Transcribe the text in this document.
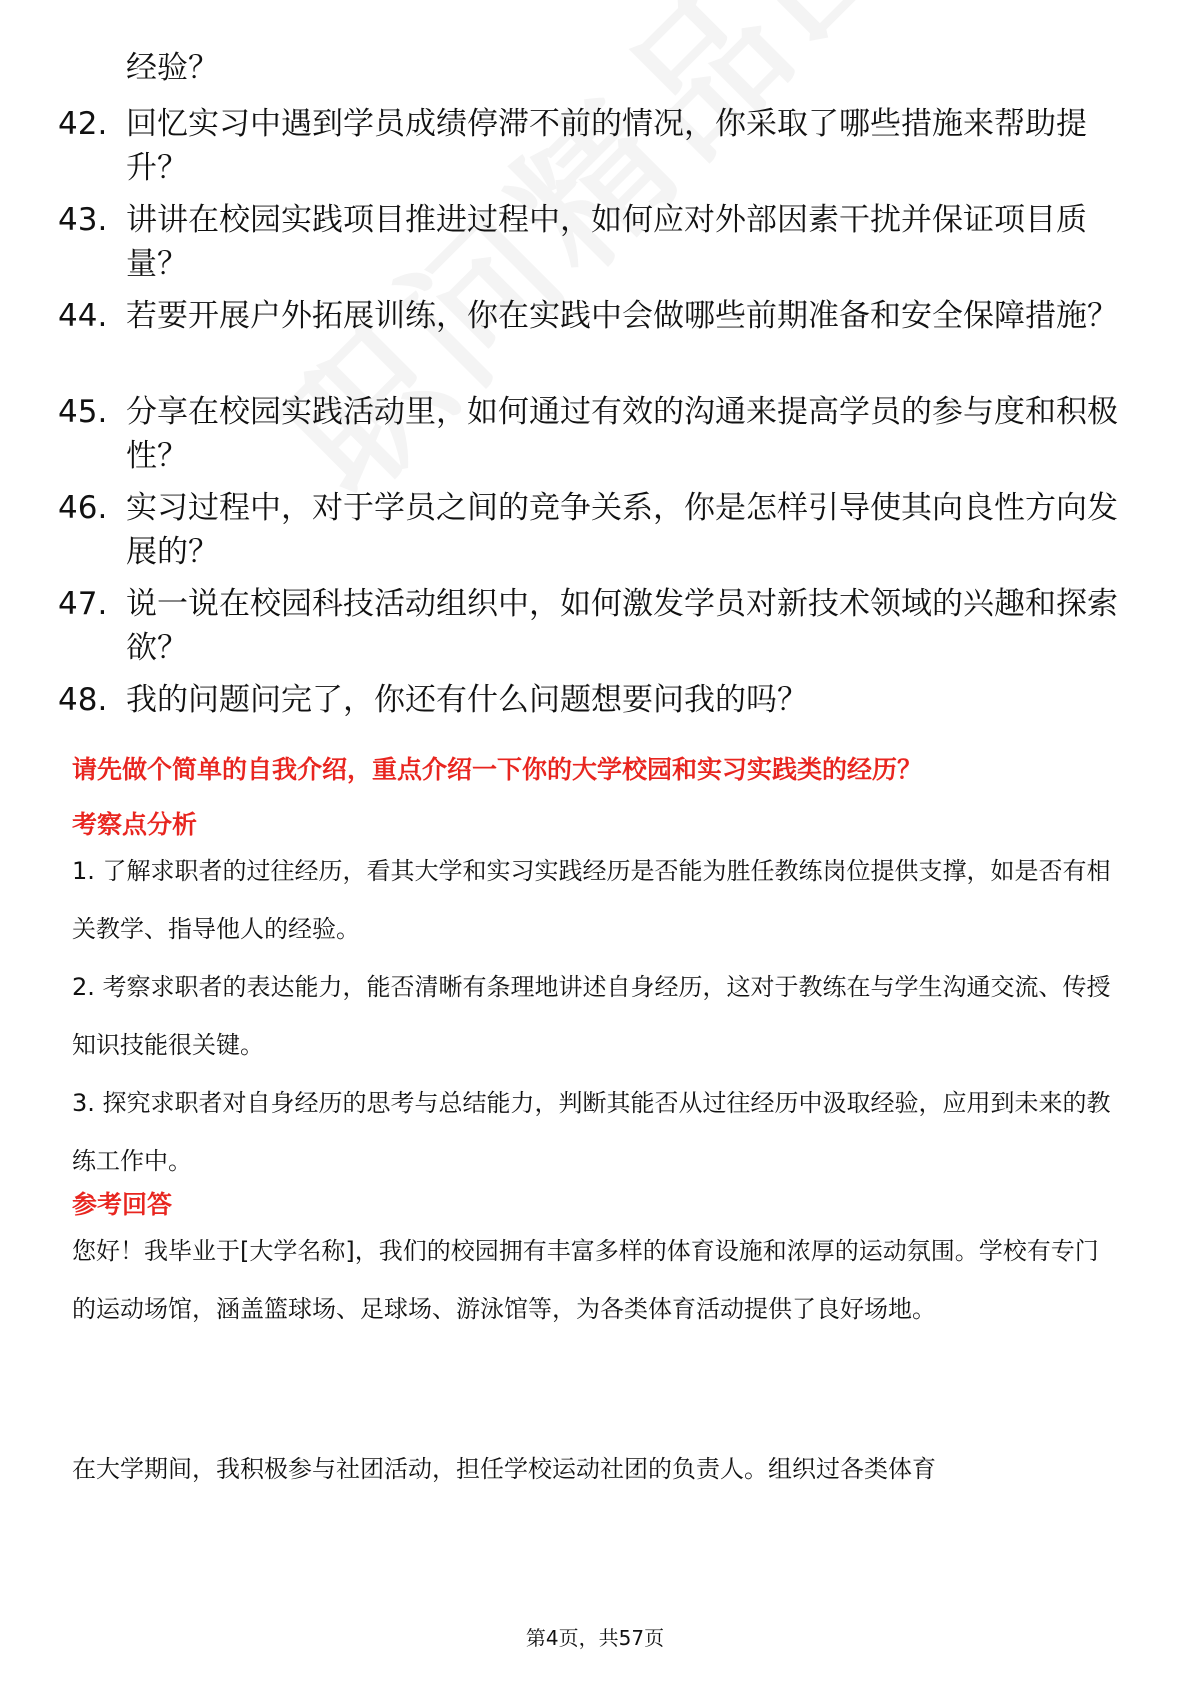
经验？
42. 回忆实习中遇到学员成绩停滞不前的情况，你采取了哪些措施来帮助提升？
43. 讲讲在校园实践项目推进过程中，如何应对外部因素干扰并保证项目质量？
44. 若要开展户外拓展训练，你在实践中会做哪些前期准备和安全保障措施？
45. 分享在校园实践活动里，如何通过有效的沟通来提高学员的参与度和积极性？
46. 实习过程中，对于学员之间的竞争关系，你是怎样引导使其向良性方向发展的？
47. 说一说在校园科技活动组织中，如何激发学员对新技术领域的兴趣和探索欲？
48. 我的问题问完了，你还有什么问题想要问我的吗？
请先做个简单的自我介绍，重点介绍一下你的大学校园和实习实践类的经历？
考察点分析
1. 了解求职者的过往经历，看其大学和实习实践经历是否能为胜任教练岗位提供支撑，如是否有相关教学、指导他人的经验。
2. 考察求职者的表达能力，能否清晰有条理地讲述自身经历，这对于教练在与学生沟通交流、传授知识技能很关键。
3. 探究求职者对自身经历的思考与总结能力，判断其能否从过往经历中汲取经验，应用到未来的教练工作中。
参考回答
您好！我毕业于[大学名称]，我们的校园拥有丰富多样的体育设施和浓厚的运动氛围。学校有专门的运动场馆，涵盖篮球场、足球场、游泳馆等，为各类体育活动提供了良好场地。
在大学期间，我积极参与社团活动，担任学校运动社团的负责人。组织过各类体育
第4页，共57页
